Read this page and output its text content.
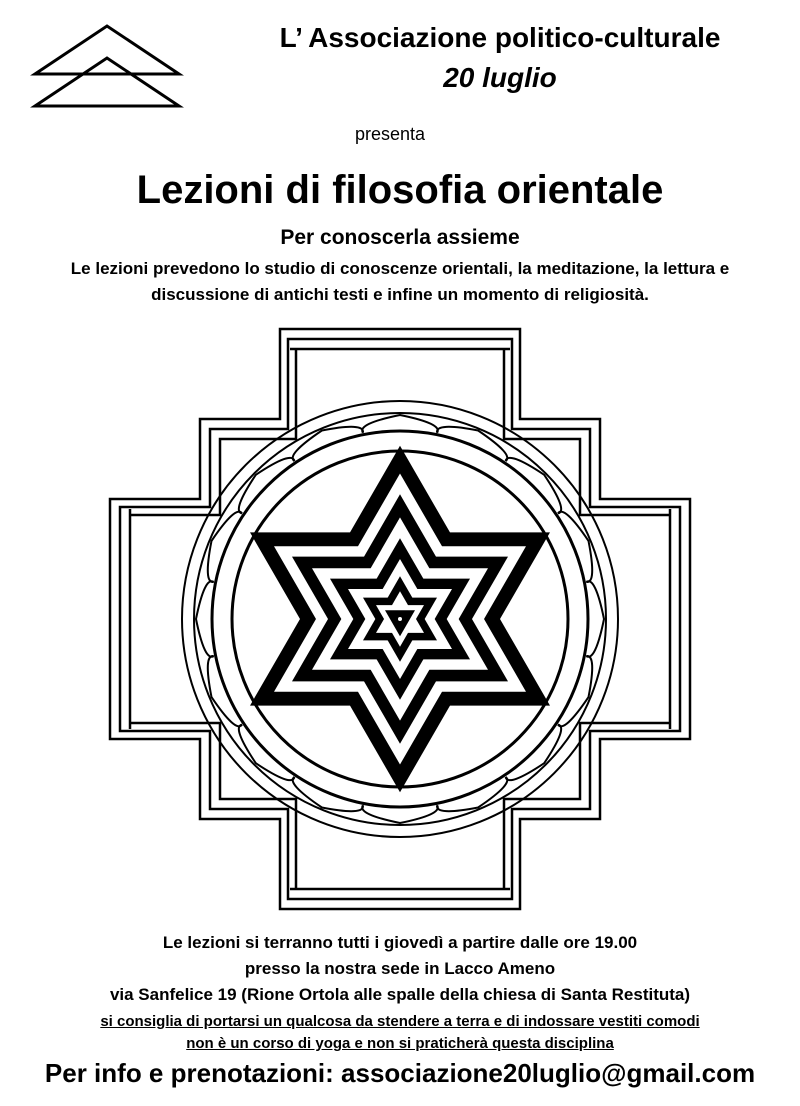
L’ Associazione politico-culturale
20 luglio
presenta
Lezioni di filosofia orientale
Per conoscerla assieme
Le lezioni prevedono lo studio di conoscenze orientali, la meditazione, la lettura e
discussione di antichi testi e infine un momento di religiosità.
Le lezioni si terranno tutti i giovedì a partire dalle ore 19.00
presso la nostra sede in Lacco Ameno
via Sanfelice 19 (Rione Ortola alle spalle della chiesa di Santa Restituta)
si consiglia di portarsi un qualcosa da stendere a terra e di indossare vestiti comodi
non è un corso di yoga e non si praticherà questa disciplina
Per info e prenotazioni: associazione20luglio@gmail.com
